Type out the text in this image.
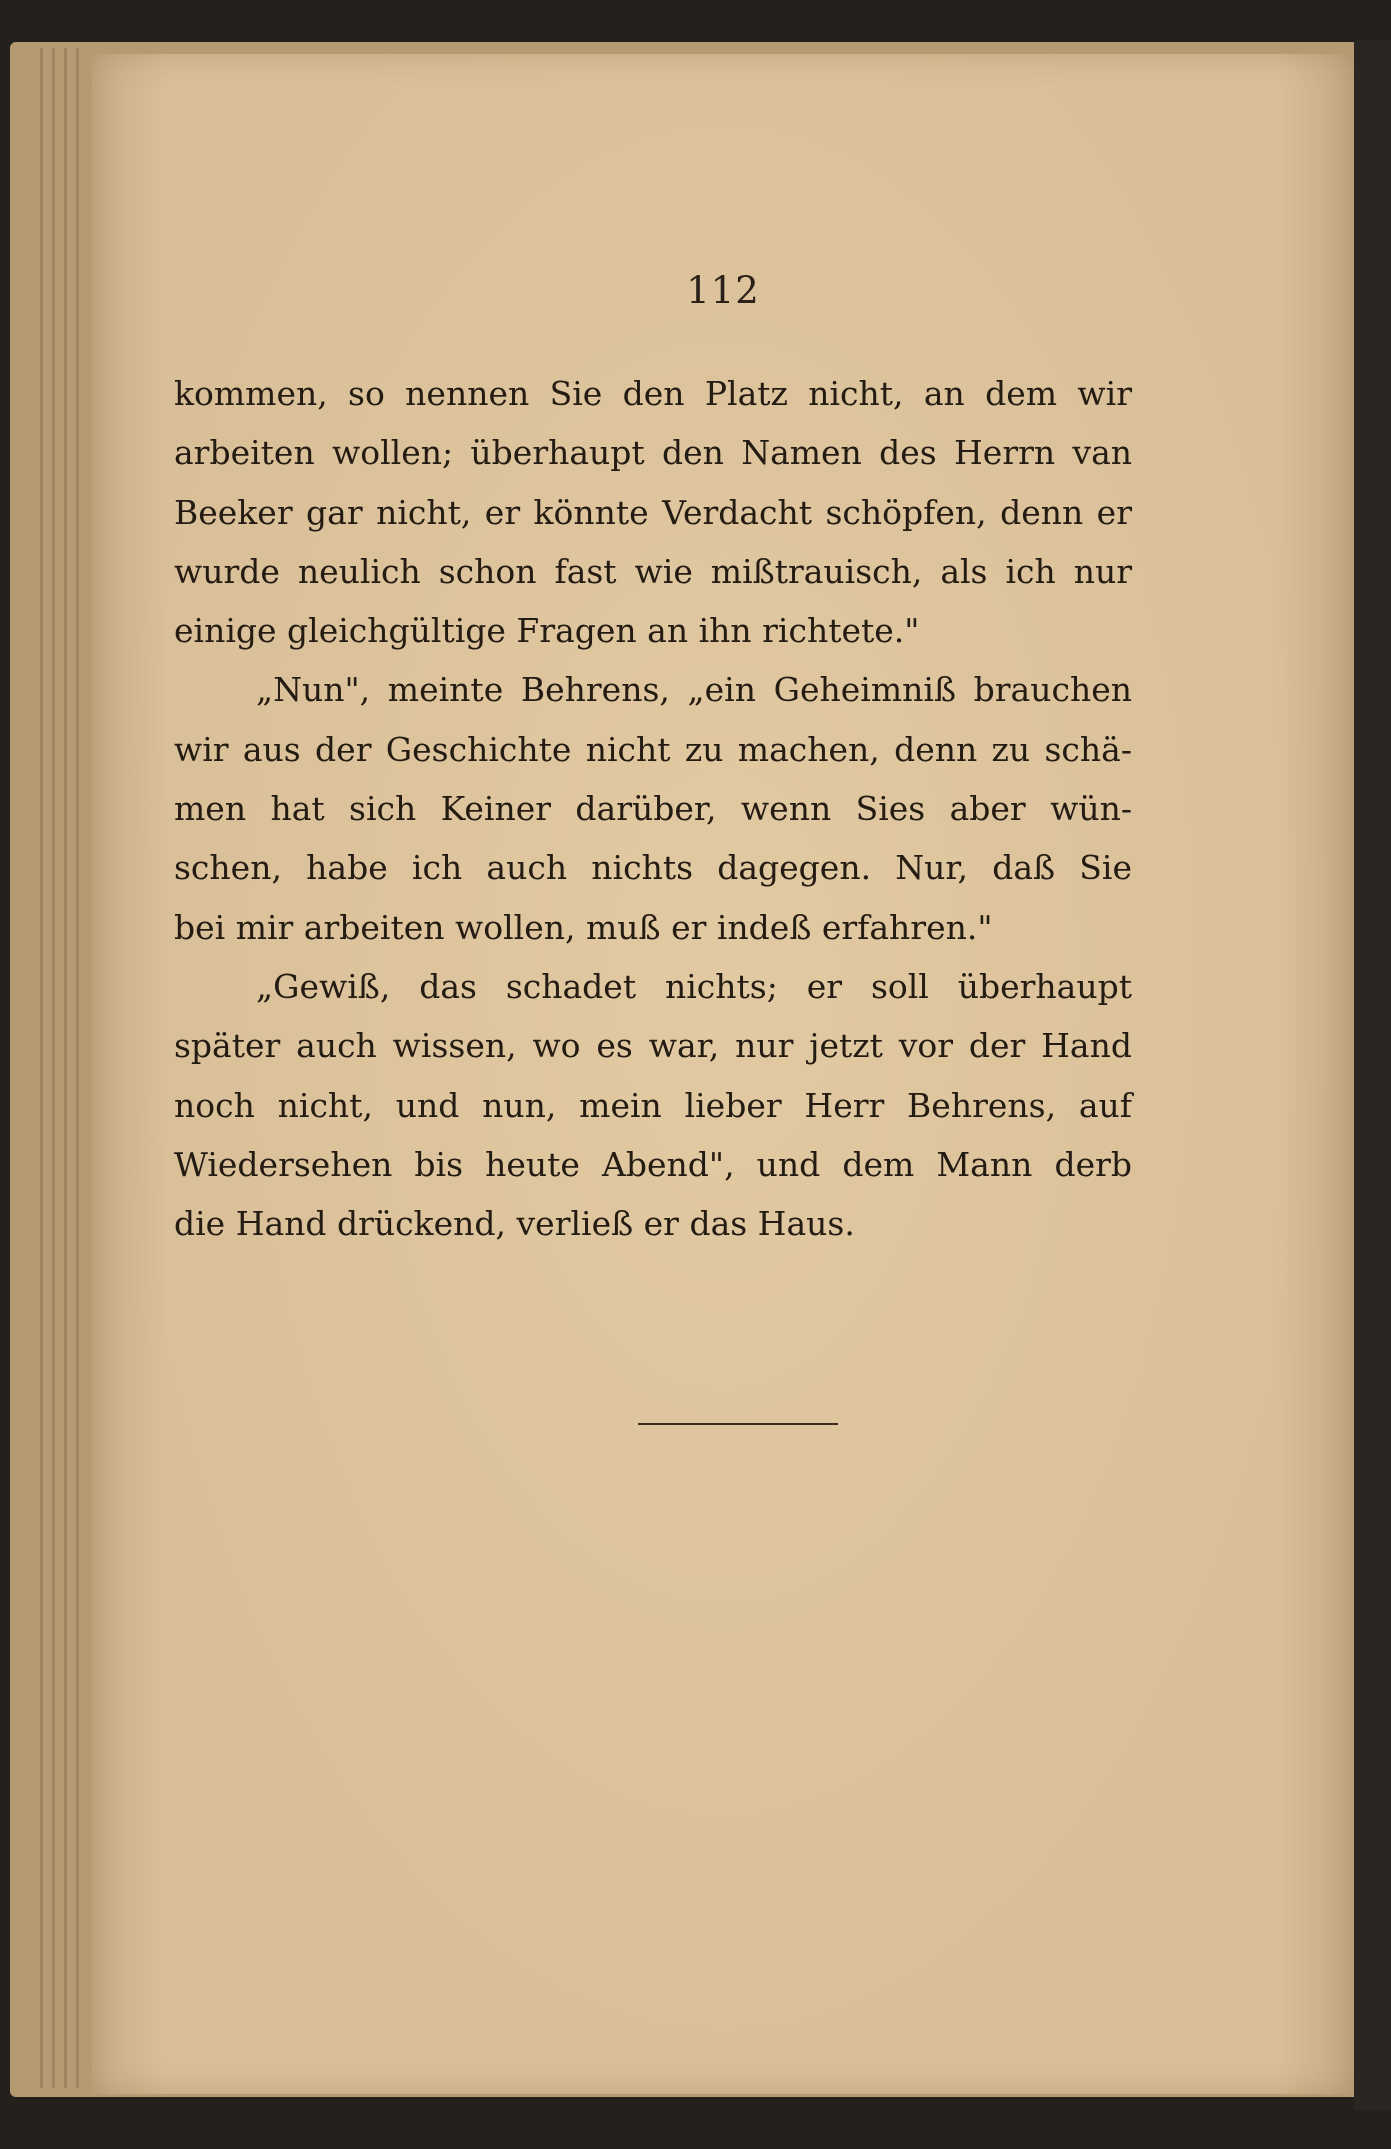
112
kommen, so nennen Sie den Platz nicht, an dem wir
arbeiten wollen; überhaupt den Namen des Herrn van
Beeker gar nicht, er könnte Verdacht schöpfen, denn er
wurde neulich schon fast wie mißtrauisch, als ich nur
einige gleichgültige Fragen an ihn richtete."
„Nun", meinte Behrens, „ein Geheimniß brauchen
wir aus der Geschichte nicht zu machen, denn zu schä-
men hat sich Keiner darüber, wenn Sies aber wün-
schen, habe ich auch nichts dagegen. Nur, daß Sie
bei mir arbeiten wollen, muß er indeß erfahren."
„Gewiß, das schadet nichts; er soll überhaupt
später auch wissen, wo es war, nur jetzt vor der Hand
noch nicht, und nun, mein lieber Herr Behrens, auf
Wiedersehen bis heute Abend", und dem Mann derb
die Hand drückend, verließ er das Haus.
